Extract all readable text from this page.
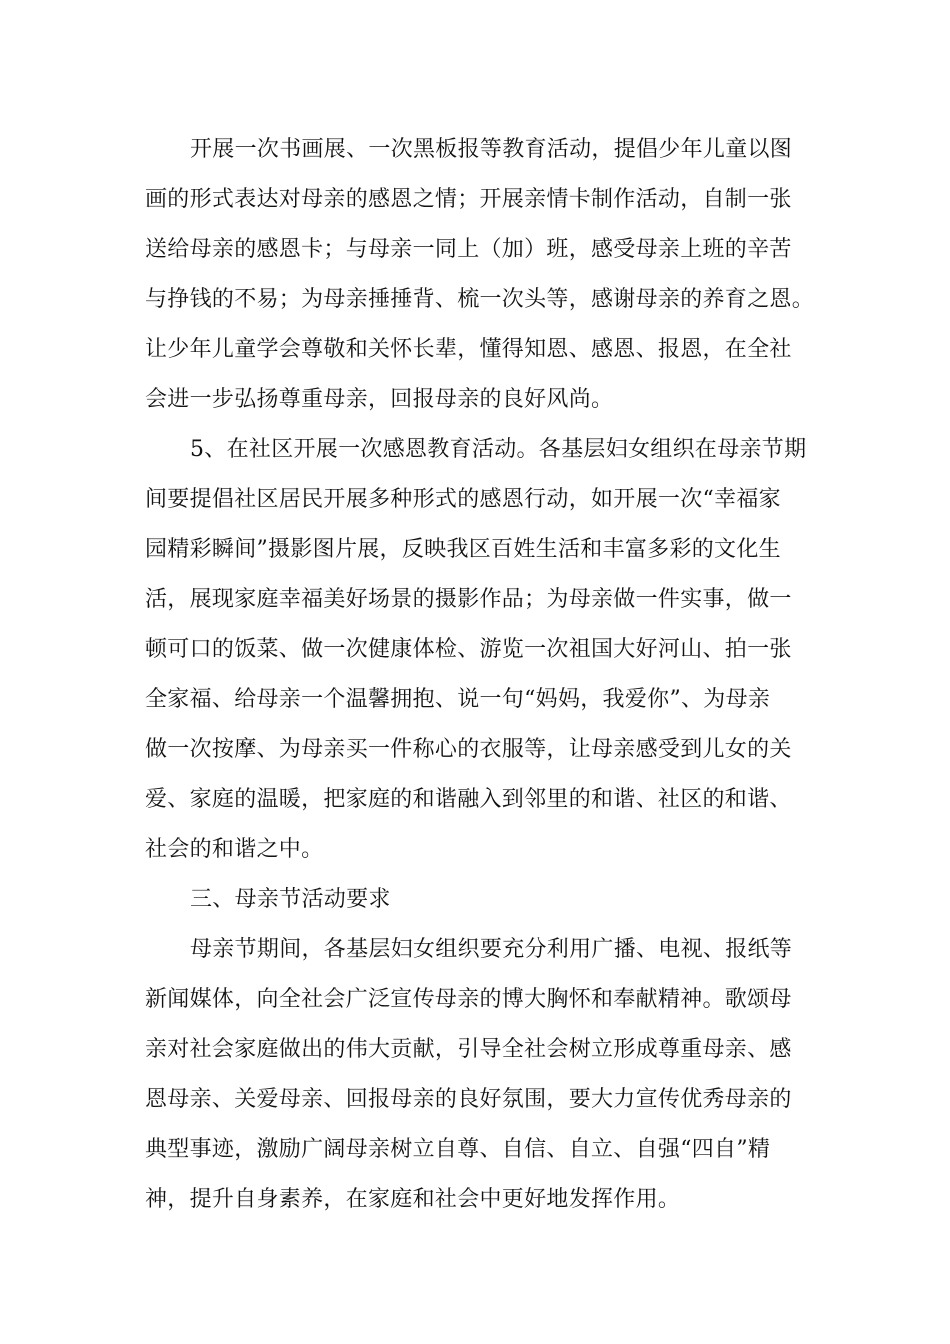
开展一次书画展、一次黑板报等教育活动，提倡少年儿童以图
画的形式表达对母亲的感恩之情；开展亲情卡制作活动，自制一张
送给母亲的感恩卡；与母亲一同上（加）班，感受母亲上班的辛苦
与挣钱的不易；为母亲捶捶背、梳一次头等，感谢母亲的养育之恩。
让少年儿童学会尊敬和关怀长辈，懂得知恩、感恩、报恩，在全社
会进一步弘扬尊重母亲，回报母亲的良好风尚。
5、在社区开展一次感恩教育活动。各基层妇女组织在母亲节期
间要提倡社区居民开展多种形式的感恩行动，如开展一次“幸福家
园精彩瞬间”摄影图片展，反映我区百姓生活和丰富多彩的文化生
活，展现家庭幸福美好场景的摄影作品；为母亲做一件实事，做一
顿可口的饭菜、做一次健康体检、游览一次祖国大好河山、拍一张
全家福、给母亲一个温馨拥抱、说一句“妈妈，我爱你”、为母亲
做一次按摩、为母亲买一件称心的衣服等，让母亲感受到儿女的关
爱、家庭的温暖，把家庭的和谐融入到邻里的和谐、社区的和谐、
社会的和谐之中。
三、母亲节活动要求
母亲节期间，各基层妇女组织要充分利用广播、电视、报纸等
新闻媒体，向全社会广泛宣传母亲的博大胸怀和奉献精神。歌颂母
亲对社会家庭做出的伟大贡献，引导全社会树立形成尊重母亲、感
恩母亲、关爱母亲、回报母亲的良好氛围，要大力宣传优秀母亲的
典型事迹，激励广阔母亲树立自尊、自信、自立、自强“四自”精
神，提升自身素养，在家庭和社会中更好地发挥作用。
